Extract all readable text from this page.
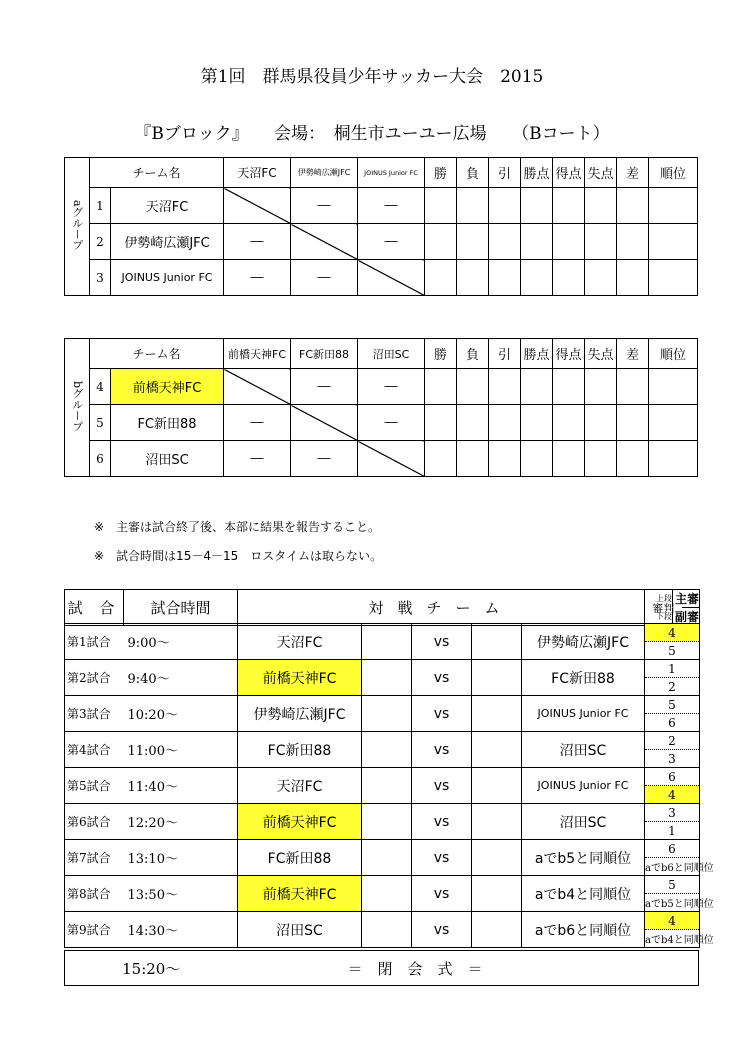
第1回　群馬県役員少年サッカー大会　2015
『Bブロック』　　会場：　桐生市ユーユー広場　　（Bコート）
aグループ	チーム名		天沼FC	伊勢崎広瀬JFC	JOINUS Junior FC	勝	負	引	勝点	得点	失点	差	順位
	1	天沼FC		―	―								
	2	伊勢崎広瀬JFC	―		―								
	3	JOINUS Junior FC	―	―									
bグループ	チーム名		前橋天神FC	FC新田88	沼田SC	勝	負	引	勝点	得点	失点	差	順位
	4	前橋天神FC		―	―								
	5	FC新田88	―		―								
	6	沼田SC	―	―									
※　主審は試合終了後、本部に結果を報告すること。
※　試合時間は15－4－15　ロスタイムは取らない。
試 合	試合時間	対戦チーム	審判	
上段 主審

下段 副審
第1試合	9:00～	天沼FC		vs		伊勢崎広瀬JFC	4
							5
第2試合	9:40～	前橋天神FC		vs		FC新田88	1
							2
第3試合	10:20～	伊勢崎広瀬JFC		vs		JOINUS Junior FC	5
							6
第4試合	11:00～	FC新田88		vs		沼田SC	2
							3
第5試合	11:40～	天沼FC		vs		JOINUS Junior FC	6
							4
第6試合	12:20～	前橋天神FC		vs		沼田SC	3
							1
第7試合	13:10～	FC新田88		vs		aでb5と同順位	6
							aでb6と同順位
第8試合	13:50～	前橋天神FC		vs		aでb4と同順位	5
							aでb5と同順位
第9試合	14:30～	沼田SC		vs		aでb6と同順位	4
							aでb4と同順位
15:20～	＝　閉　会　式　＝
